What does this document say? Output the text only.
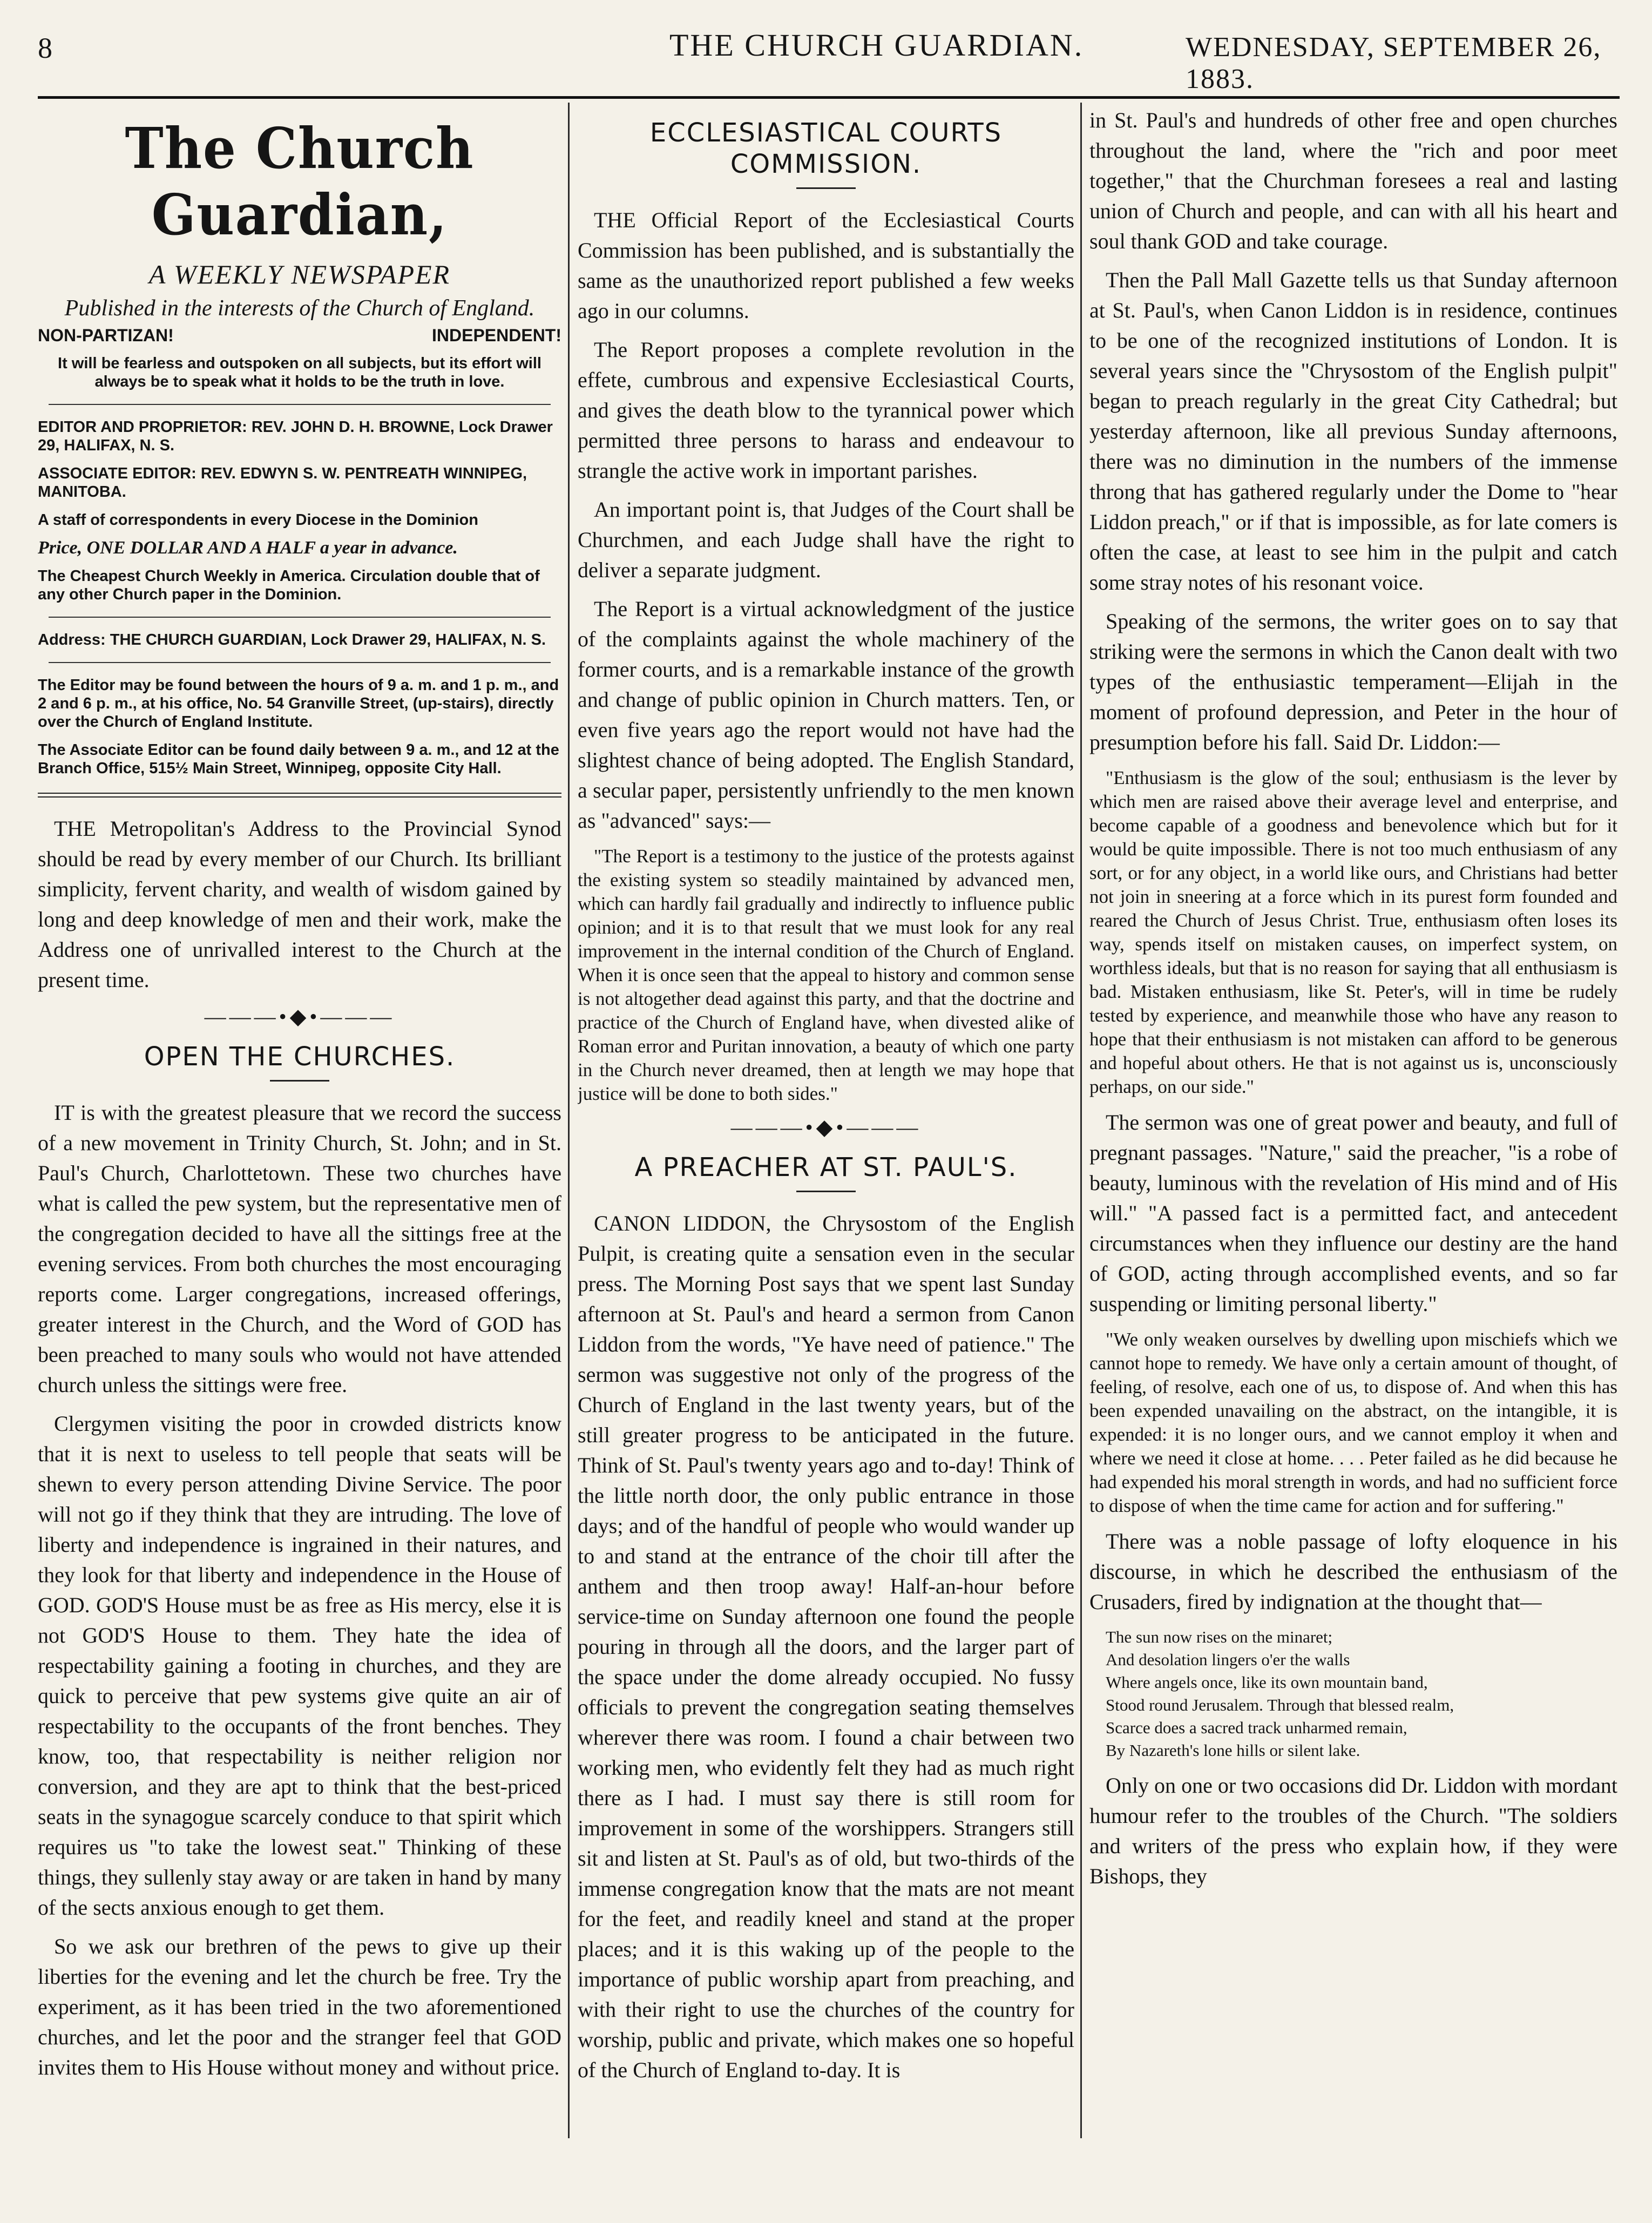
8	THE CHURCH GUARDIAN.	WEDNESDAY, SEPTEMBER 26, 1883.
The Church Guardian,
A WEEKLY NEWSPAPER
Published in the interests of the Church of England.
NON-PARTIZAN!	INDEPENDENT!

It will be fearless and outspoken on all subjects, but its effort will always be to speak what it holds to be the truth in love.

EDITOR AND PROPRIETOR: REV. JOHN D. H. BROWNE, Lock Drawer 29, HALIFAX, N. S.

ASSOCIATE EDITOR: REV. EDWYN S. W. PENTREATH WINNIPEG, MANITOBA.

A staff of correspondents in every Diocese in the Dominion

Price, ONE DOLLAR AND A HALF a year in advance.

The Cheapest Church Weekly in America. Circulation double that of any other Church paper in the Dominion.

Address: THE CHURCH GUARDIAN, Lock Drawer 29, HALIFAX, N. S.

The Editor may be found between the hours of 9 a. m. and 1 p. m., and 2 and 6 p. m., at his office, No. 54 Granville Street, (up-stairs), directly over the Church of England Institute.

The Associate Editor can be found daily between 9 a. m., and 12 at the Branch Office, 515½ Main Street, Winnipeg, opposite City Hall.

THE Metropolitan's Address to the Provincial Synod should be read by every member of our Church. Its brilliant simplicity, fervent charity, and wealth of wisdom gained by long and deep knowledge of men and their work, make the Address one of unrivalled interest to the Church at the present time.

———•◆•———
OPEN THE CHURCHES.

IT is with the greatest pleasure that we record the success of a new movement in Trinity Church, St. John; and in St. Paul's Church, Charlottetown. These two churches have what is called the pew system, but the representative men of the congregation decided to have all the sittings free at the evening services. From both churches the most encouraging reports come. Larger congregations, increased offerings, greater interest in the Church, and the Word of GOD has been preached to many souls who would not have attended church unless the sittings were free.

Clergymen visiting the poor in crowded districts know that it is next to useless to tell people that seats will be shewn to every person attending Divine Service. The poor will not go if they think that they are intruding. The love of liberty and independence is ingrained in their natures, and they look for that liberty and independence in the House of GOD. GOD'S House must be as free as His mercy, else it is not GOD'S House to them. They hate the idea of respectability gaining a footing in churches, and they are quick to perceive that pew systems give quite an air of respectability to the occupants of the front benches. They know, too, that respectability is neither religion nor conversion, and they are apt to think that the best-priced seats in the synagogue scarcely conduce to that spirit which requires us "to take the lowest seat." Thinking of these things, they sullenly stay away or are taken in hand by many of the sects anxious enough to get them.

So we ask our brethren of the pews to give up their liberties for the evening and let the church be free. Try the experiment, as it has been tried in the two aforementioned churches, and let the poor and the stranger feel that GOD invites them to His House without money and without price.

ECCLESIASTICAL COURTS COMMISSION.

THE Official Report of the Ecclesiastical Courts Commission has been published, and is substantially the same as the unauthorized report published a few weeks ago in our columns.

The Report proposes a complete revolution in the effete, cumbrous and expensive Ecclesiastical Courts, and gives the death blow to the tyrannical power which permitted three persons to harass and endeavour to strangle the active work in important parishes.

An important point is, that Judges of the Court shall be Churchmen, and each Judge shall have the right to deliver a separate judgment.

The Report is a virtual acknowledgment of the justice of the complaints against the whole machinery of the former courts, and is a remarkable instance of the growth and change of public opinion in Church matters. Ten, or even five years ago the report would not have had the slightest chance of being adopted. The English Standard, a secular paper, persistently unfriendly to the men known as "advanced" says:—

"The Report is a testimony to the justice of the protests against the existing system so steadily maintained by advanced men, which can hardly fail gradually and indirectly to influence public opinion; and it is to that result that we must look for any real improvement in the internal condition of the Church of England. When it is once seen that the appeal to history and common sense is not altogether dead against this party, and that the doctrine and practice of the Church of England have, when divested alike of Roman error and Puritan innovation, a beauty of which one party in the Church never dreamed, then at length we may hope that justice will be done to both sides."

———•◆•———
A PREACHER AT ST. PAUL'S.

CANON LIDDON, the Chrysostom of the English Pulpit, is creating quite a sensation even in the secular press. The Morning Post says that we spent last Sunday afternoon at St. Paul's and heard a sermon from Canon Liddon from the words, "Ye have need of patience." The sermon was suggestive not only of the progress of the Church of England in the last twenty years, but of the still greater progress to be anticipated in the future. Think of St. Paul's twenty years ago and to-day! Think of the little north door, the only public entrance in those days; and of the handful of people who would wander up to and stand at the entrance of the choir till after the anthem and then troop away! Half-an-hour before service-time on Sunday afternoon one found the people pouring in through all the doors, and the larger part of the space under the dome already occupied. No fussy officials to prevent the congregation seating themselves wherever there was room. I found a chair between two working men, who evidently felt they had as much right there as I had. I must say there is still room for improvement in some of the worshippers. Strangers still sit and listen at St. Paul's as of old, but two-thirds of the immense congregation know that the mats are not meant for the feet, and readily kneel and stand at the proper places; and it is this waking up of the people to the importance of public worship apart from preaching, and with their right to use the churches of the country for worship, public and private, which makes one so hopeful of the Church of England to-day. It is

in St. Paul's and hundreds of other free and open churches throughout the land, where the "rich and poor meet together," that the Churchman foresees a real and lasting union of Church and people, and can with all his heart and soul thank GOD and take courage.

Then the Pall Mall Gazette tells us that Sunday afternoon at St. Paul's, when Canon Liddon is in residence, continues to be one of the recognized institutions of London. It is several years since the "Chrysostom of the English pulpit" began to preach regularly in the great City Cathedral; but yesterday afternoon, like all previous Sunday afternoons, there was no diminution in the numbers of the immense throng that has gathered regularly under the Dome to "hear Liddon preach," or if that is impossible, as for late comers is often the case, at least to see him in the pulpit and catch some stray notes of his resonant voice.

Speaking of the sermons, the writer goes on to say that striking were the sermons in which the Canon dealt with two types of the enthusiastic temperament—Elijah in the moment of profound depression, and Peter in the hour of presumption before his fall. Said Dr. Liddon:—

"Enthusiasm is the glow of the soul; enthusiasm is the lever by which men are raised above their average level and enterprise, and become capable of a goodness and benevolence which but for it would be quite impossible. There is not too much enthusiasm of any sort, or for any object, in a world like ours, and Christians had better not join in sneering at a force which in its purest form founded and reared the Church of Jesus Christ. True, enthusiasm often loses its way, spends itself on mistaken causes, on imperfect system, on worthless ideals, but that is no reason for saying that all enthusiasm is bad. Mistaken enthusiasm, like St. Peter's, will in time be rudely tested by experience, and meanwhile those who have any reason to hope that their enthusiasm is not mistaken can afford to be generous and hopeful about others. He that is not against us is, unconsciously perhaps, on our side."

The sermon was one of great power and beauty, and full of pregnant passages. "Nature," said the preacher, "is a robe of beauty, luminous with the revelation of His mind and of His will." "A passed fact is a permitted fact, and antecedent circumstances when they influence our destiny are the hand of GOD, acting through accomplished events, and so far suspending or limiting personal liberty."

"We only weaken ourselves by dwelling upon mischiefs which we cannot hope to remedy. We have only a certain amount of thought, of feeling, of resolve, each one of us, to dispose of. And when this has been expended unavailing on the abstract, on the intangible, it is expended: it is no longer ours, and we cannot employ it when and where we need it close at home. . . . Peter failed as he did because he had expended his moral strength in words, and had no sufficient force to dispose of when the time came for action and for suffering."

There was a noble passage of lofty eloquence in his discourse, in which he described the enthusiasm of the Crusaders, fired by indignation at the thought that—

The sun now rises on the minaret;
And desolation lingers o'er the walls
Where angels once, like its own mountain band,
Stood round Jerusalem. Through that blessed realm,
Scarce does a sacred track unharmed remain,
By Nazareth's lone hills or silent lake.

Only on one or two occasions did Dr. Liddon with mordant humour refer to the troubles of the Church. "The soldiers and writers of the press who explain how, if they were Bishops, they
